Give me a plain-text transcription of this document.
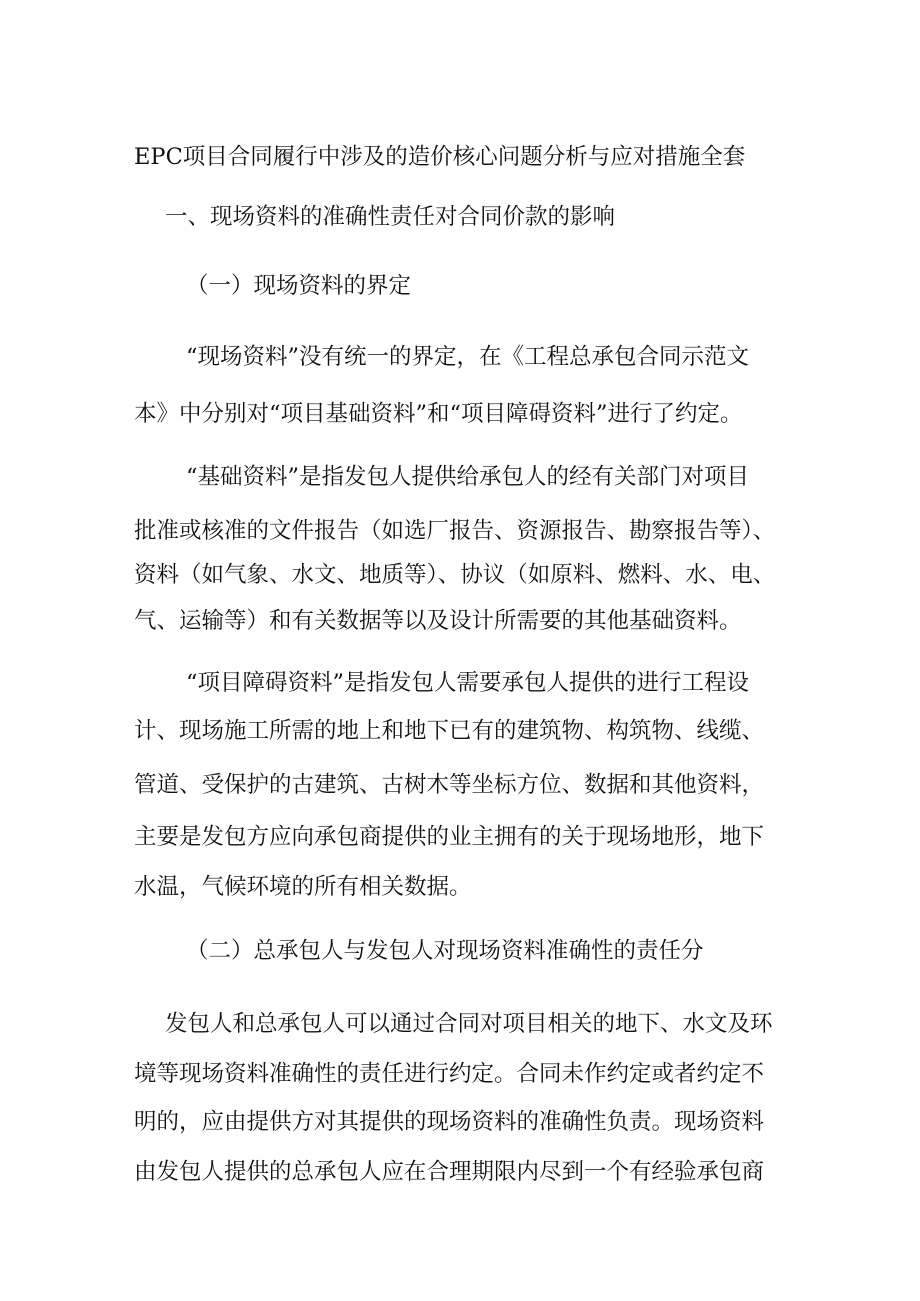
EPC项目合同履行中涉及的造价核心问题分析与应对措施全套

一、现场资料的准确性责任对合同价款的影响

（一）现场资料的界定

“现场资料”没有统一的界定，在《工程总承包合同示范文

本》中分别对“项目基础资料”和“项目障碍资料”进行了约定。

“基础资料”是指发包人提供给承包人的经有关部门对项目

批准或核准的文件报告（如选厂报告、资源报告、勘察报告等）、

资料（如气象、水文、地质等）、协议（如原料、燃料、水、电、

气、运输等）和有关数据等以及设计所需要的其他基础资料。

“项目障碍资料”是指发包人需要承包人提供的进行工程设

计、现场施工所需的地上和地下已有的建筑物、构筑物、线缆、

管道、受保护的古建筑、古树木等坐标方位、数据和其他资料，

主要是发包方应向承包商提供的业主拥有的关于现场地形，地下

水温，气候环境的所有相关数据。

（二）总承包人与发包人对现场资料准确性的责任分

发包人和总承包人可以通过合同对项目相关的地下、水文及环

境等现场资料准确性的责任进行约定。合同未作约定或者约定不

明的，应由提供方对其提供的现场资料的准确性负责。现场资料

由发包人提供的总承包人应在合理期限内尽到一个有经验承包商
